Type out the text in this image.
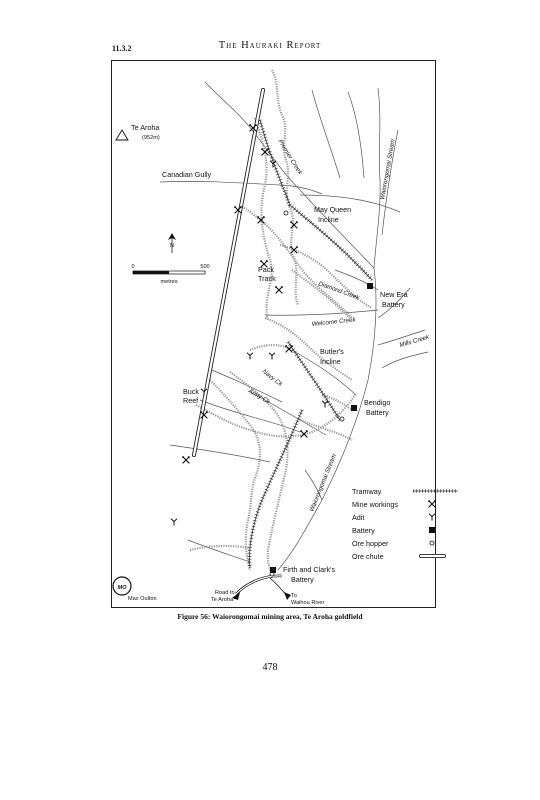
11.3.2	The Hauraki Report
N
0	500
metres
Te Aroha
(952m)
Canadian Gully	Premier Creek	Waiorongomai Stream
May Queen
Incline
Pack
Track
Diamond Creek	New Era
Battery
Welcome Creek
Mills Creek
Butler's
Incline
Navy Ck
Army Ck
Buck
Reef	Bendigo
Battery
Waiorongomai Stream
Firth and Clark's
Battery
Road to
Te Aroha
To
Waihou River
MO
Max Oulton
Tramway
Mine workings
Adit
Battery
Ore hopper
Ore chute
Figure 56: Waiorongomai mining area, Te Aroha goldfield
478
